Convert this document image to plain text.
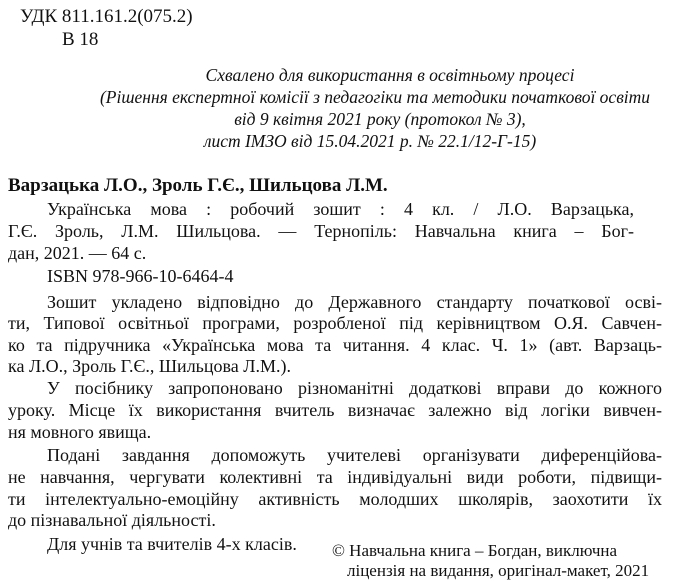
УДК 811.161.2(075.2)
В 18
Схвалено для використання в освітньому процесі
(Рішення експертної комісії з педагогіки та методики початкової освіти
від 9 квітня 2021 року (протокол № 3),
лист ІМЗО від 15.04.2021 р. № 22.1/12-Г-15)
Варзацька Л.О., Зроль Г.Є., Шильцова Л.М.
Українська мова : робочий зошит : 4 кл. / Л.О. Варзацька,
Г.Є. Зроль, Л.М. Шильцова. — Тернопіль: Навчальна книга – Бог-
дан, 2021. — 64 с.
ISBN 978-966-10-6464-4
Зошит укладено відповідно до Державного стандарту початкової осві-
ти, Типової освітньої програми, розробленої під керівництвом О.Я. Савчен-
ко та підручника «Українська мова та читання. 4 клас. Ч. 1» (авт. Варзаць-
ка Л.О., Зроль Г.Є., Шильцова Л.М.).
У посібнику запропоновано різноманітні додаткові вправи до кожного
уроку. Місце їх використання вчитель визначає залежно від логіки вивчен-
ня мовного явища.
Подані завдання допоможуть учителеві організувати диференційова-
не навчання, чергувати колективні та індивідуальні види роботи, підвищи-
ти інтелектуально-емоційну активність молодших школярів, заохотити їх
до пізнавальної діяльності.
Для учнів та вчителів 4-х класів. © Навчальна книга – Богдан, виключна
ліцензія на видання, оригінал-макет, 2021
